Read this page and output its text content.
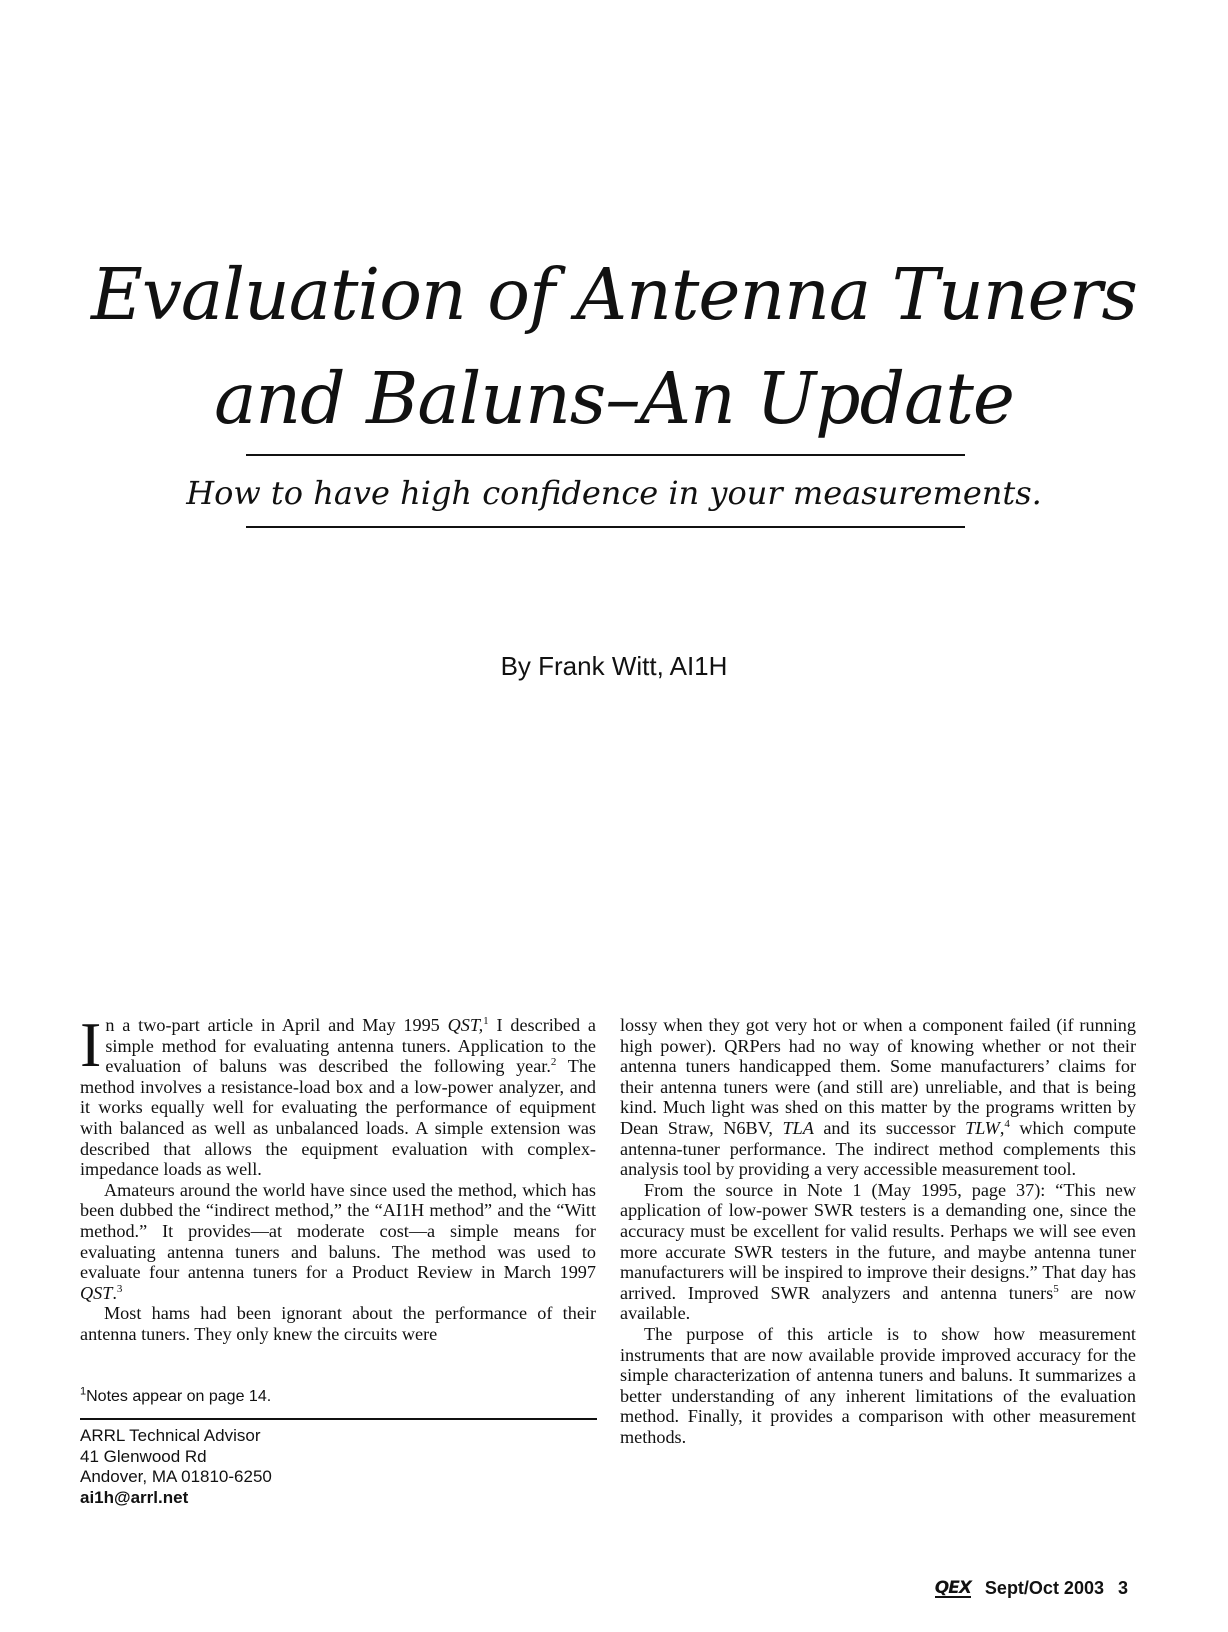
Evaluation of Antenna Tuners
and Baluns–An Update
How to have high confidence in your measurements.
By Frank Witt, AI1H

In a two-part article in April and May 1995 QST,$^1$ I described a simple method for evaluating antenna tuners. Application to the evaluation of baluns was described the following year.$^2$ The method involves a resistance-load box and a low-power analyzer, and it works equally well for evaluating the performance of equipment with balanced as well as unbalanced loads. A simple extension was described that allows the equipment evaluation with complex-impedance loads as well.

Amateurs around the world have since used the method, which has been dubbed the “indirect method,” the “AI1H method” and the “Witt method.” It provides—at moderate cost—a simple means for evaluating antenna tuners and baluns. The method was used to evaluate four antenna tuners for a Product Review in March 1997 QST.$^3$

Most hams had been ignorant about the performance of their antenna tuners. They only knew the circuits were

$^1$Notes appear on page 14.
ARRL Technical Advisor
41 Glenwood Rd
Andover, MA 01810-6250
ai1h@arrl.net

lossy when they got very hot or when a component failed (if running high power). QRPers had no way of knowing whether or not their antenna tuners handicapped them. Some manufacturers’ claims for their antenna tuners were (and still are) unreliable, and that is being kind. Much light was shed on this matter by the programs written by Dean Straw, N6BV, TLA and its successor TLW,$^4$ which compute antenna-tuner performance. The indirect method complements this analysis tool by providing a very accessible measurement tool.

From the source in Note 1 (May 1995, page 37): “This new application of low-power SWR testers is a demanding one, since the accuracy must be excellent for valid results. Perhaps we will see even more accurate SWR testers in the future, and maybe antenna tuner manufacturers will be inspired to improve their designs.” That day has arrived. Improved SWR analyzers and antenna tuners$^5$ are now available.

The purpose of this article is to show how measurement instruments that are now available provide improved accuracy for the simple characterization of antenna tuners and baluns. It summarizes a better understanding of any inherent limitations of the evaluation method. Finally, it provides a comparison with other measurement methods.

QEX Sept/Oct 2003 3
